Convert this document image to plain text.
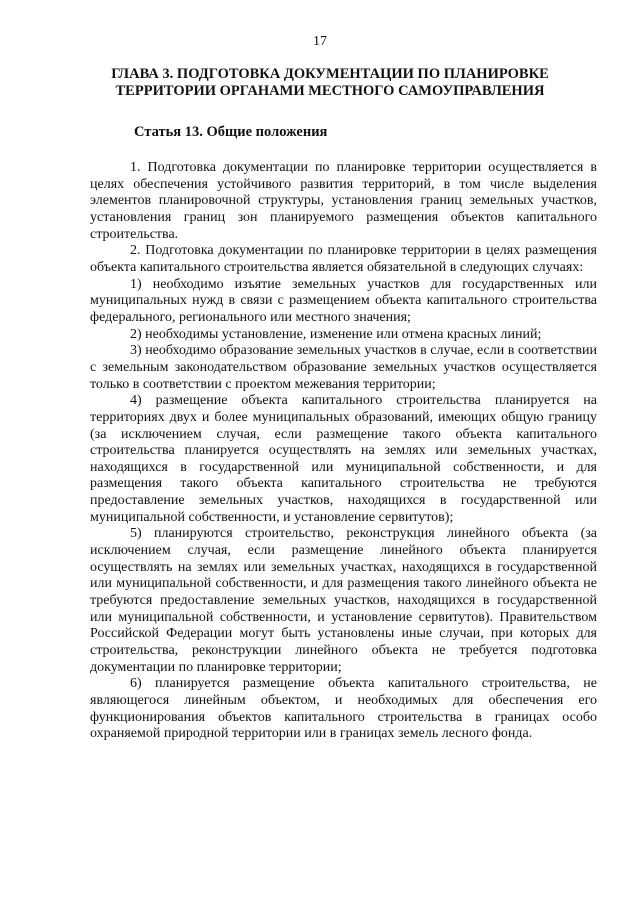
17
ГЛАВА 3. ПОДГОТОВКА ДОКУМЕНТАЦИИ ПО ПЛАНИРОВКЕ ТЕРРИТОРИИ ОРГАНАМИ МЕСТНОГО САМОУПРАВЛЕНИЯ
Статья 13. Общие положения

1. Подготовка документации по планировке территории осуществляется в целях обеспечения устойчивого развития территорий, в том числе выделения элементов планировочной структуры, установления границ земельных участков, установления границ зон планируемого размещения объектов капитального строительства.

2. Подготовка документации по планировке территории в целях размещения объекта капитального строительства является обязательной в следующих случаях:

1) необходимо изъятие земельных участков для государственных или муниципальных нужд в связи с размещением объекта капитального строительства федерального, регионального или местного значения;

2) необходимы установление, изменение или отмена красных линий;

3) необходимо образование земельных участков в случае, если в соответствии с земельным законодательством образование земельных участков осуществляется только в соответствии с проектом межевания территории;

4) размещение объекта капитального строительства планируется на территориях двух и более муниципальных образований, имеющих общую границу (за исключением случая, если размещение такого объекта капитального строительства планируется осуществлять на землях или земельных участках, находящихся в государственной или муниципальной собственности, и для размещения такого объекта капитального строительства не требуются предоставление земельных участков, находящихся в государственной или муниципальной собственности, и установление сервитутов);

5) планируются строительство, реконструкция линейного объекта (за исключением случая, если размещение линейного объекта планируется осуществлять на землях или земельных участках, находящихся в государственной или муниципальной собственности, и для размещения такого линейного объекта не требуются предоставление земельных участков, находящихся в государственной или муниципальной собственности, и установление сервитутов). Правительством Российской Федерации могут быть установлены иные случаи, при которых для строительства, реконструкции линейного объекта не требуется подготовка документации по планировке территории;

6) планируется размещение объекта капитального строительства, не являющегося линейным объектом, и необходимых для обеспечения его функционирования объектов капитального строительства в границах особо охраняемой природной территории или в границах земель лесного фонда.
